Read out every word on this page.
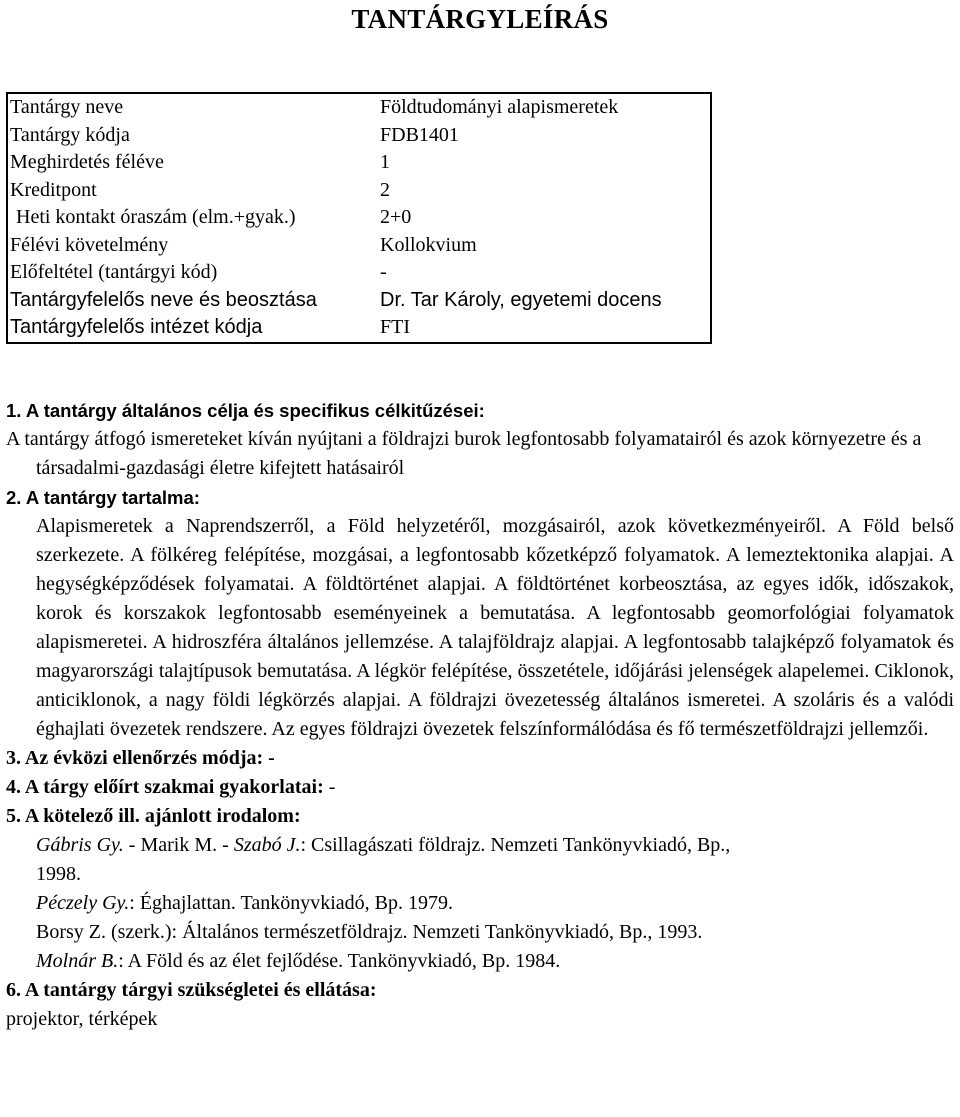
TANTÁRGYLEÍRÁS
Tantárgy neve	Földtudományi alapismeretek
Tantárgy kódja	FDB1401
Meghirdetés féléve	1
Kreditpont	2
Heti kontakt óraszám (elm.+gyak.)	2+0
Félévi követelmény	Kollokvium
Előfeltétel (tantárgyi kód)	-
Tantárgyfelelős neve és beosztása	Dr. Tar Károly, egyetemi docens
Tantárgyfelelős intézet kódja	FTI

1. A tantárgy általános célja és specifikus célkitűzései:

A tantárgy átfogó ismereteket kíván nyújtani a földrajzi burok legfontosabb folyamatairól és azok környezetre és a társadalmi-gazdasági életre kifejtett hatásairól

2. A tantárgy tartalma:

Alapismeretek a Naprendszerről, a Föld helyzetéről, mozgásairól, azok következményeiről. A Föld belső szerkezete. A fölkéreg felépítése, mozgásai, a legfontosabb kőzetképző folyamatok. A lemeztektonika alapjai. A hegységképződések folyamatai. A földtörténet alapjai. A földtörténet korbeosztása, az egyes idők, időszakok, korok és korszakok legfontosabb eseményeinek a bemutatása. A legfontosabb geomorfológiai folyamatok alapismeretei. A hidroszféra általános jellemzése. A talajföldrajz alapjai. A legfontosabb talajképző folyamatok és magyarországi talajtípusok bemutatása. A légkör felépítése, összetétele, időjárási jelenségek alapelemei. Ciklonok, anticiklonok, a nagy földi légkörzés alapjai. A földrajzi övezetesség általános ismeretei. A szoláris és a valódi éghajlati övezetek rendszere. Az egyes földrajzi övezetek felszínformálódása és fő természetföldrajzi jellemzői.

3. Az évközi ellenőrzés módja: -

4. A tárgy előírt szakmai gyakorlatai: -

5. A kötelező ill. ajánlott irodalom:

Gábris Gy. - Marik M. - Szabó J.: Csillagászati földrajz. Nemzeti Tankönyvkiadó, Bp.,

1998.

Péczely Gy.: Éghajlattan. Tankönyvkiadó, Bp. 1979.

Borsy Z. (szerk.): Általános természetföldrajz. Nemzeti Tankönyvkiadó, Bp., 1993.

Molnár B.: A Föld és az élet fejlődése. Tankönyvkiadó, Bp. 1984.

6. A tantárgy tárgyi szükségletei és ellátása:

projektor, térképek
